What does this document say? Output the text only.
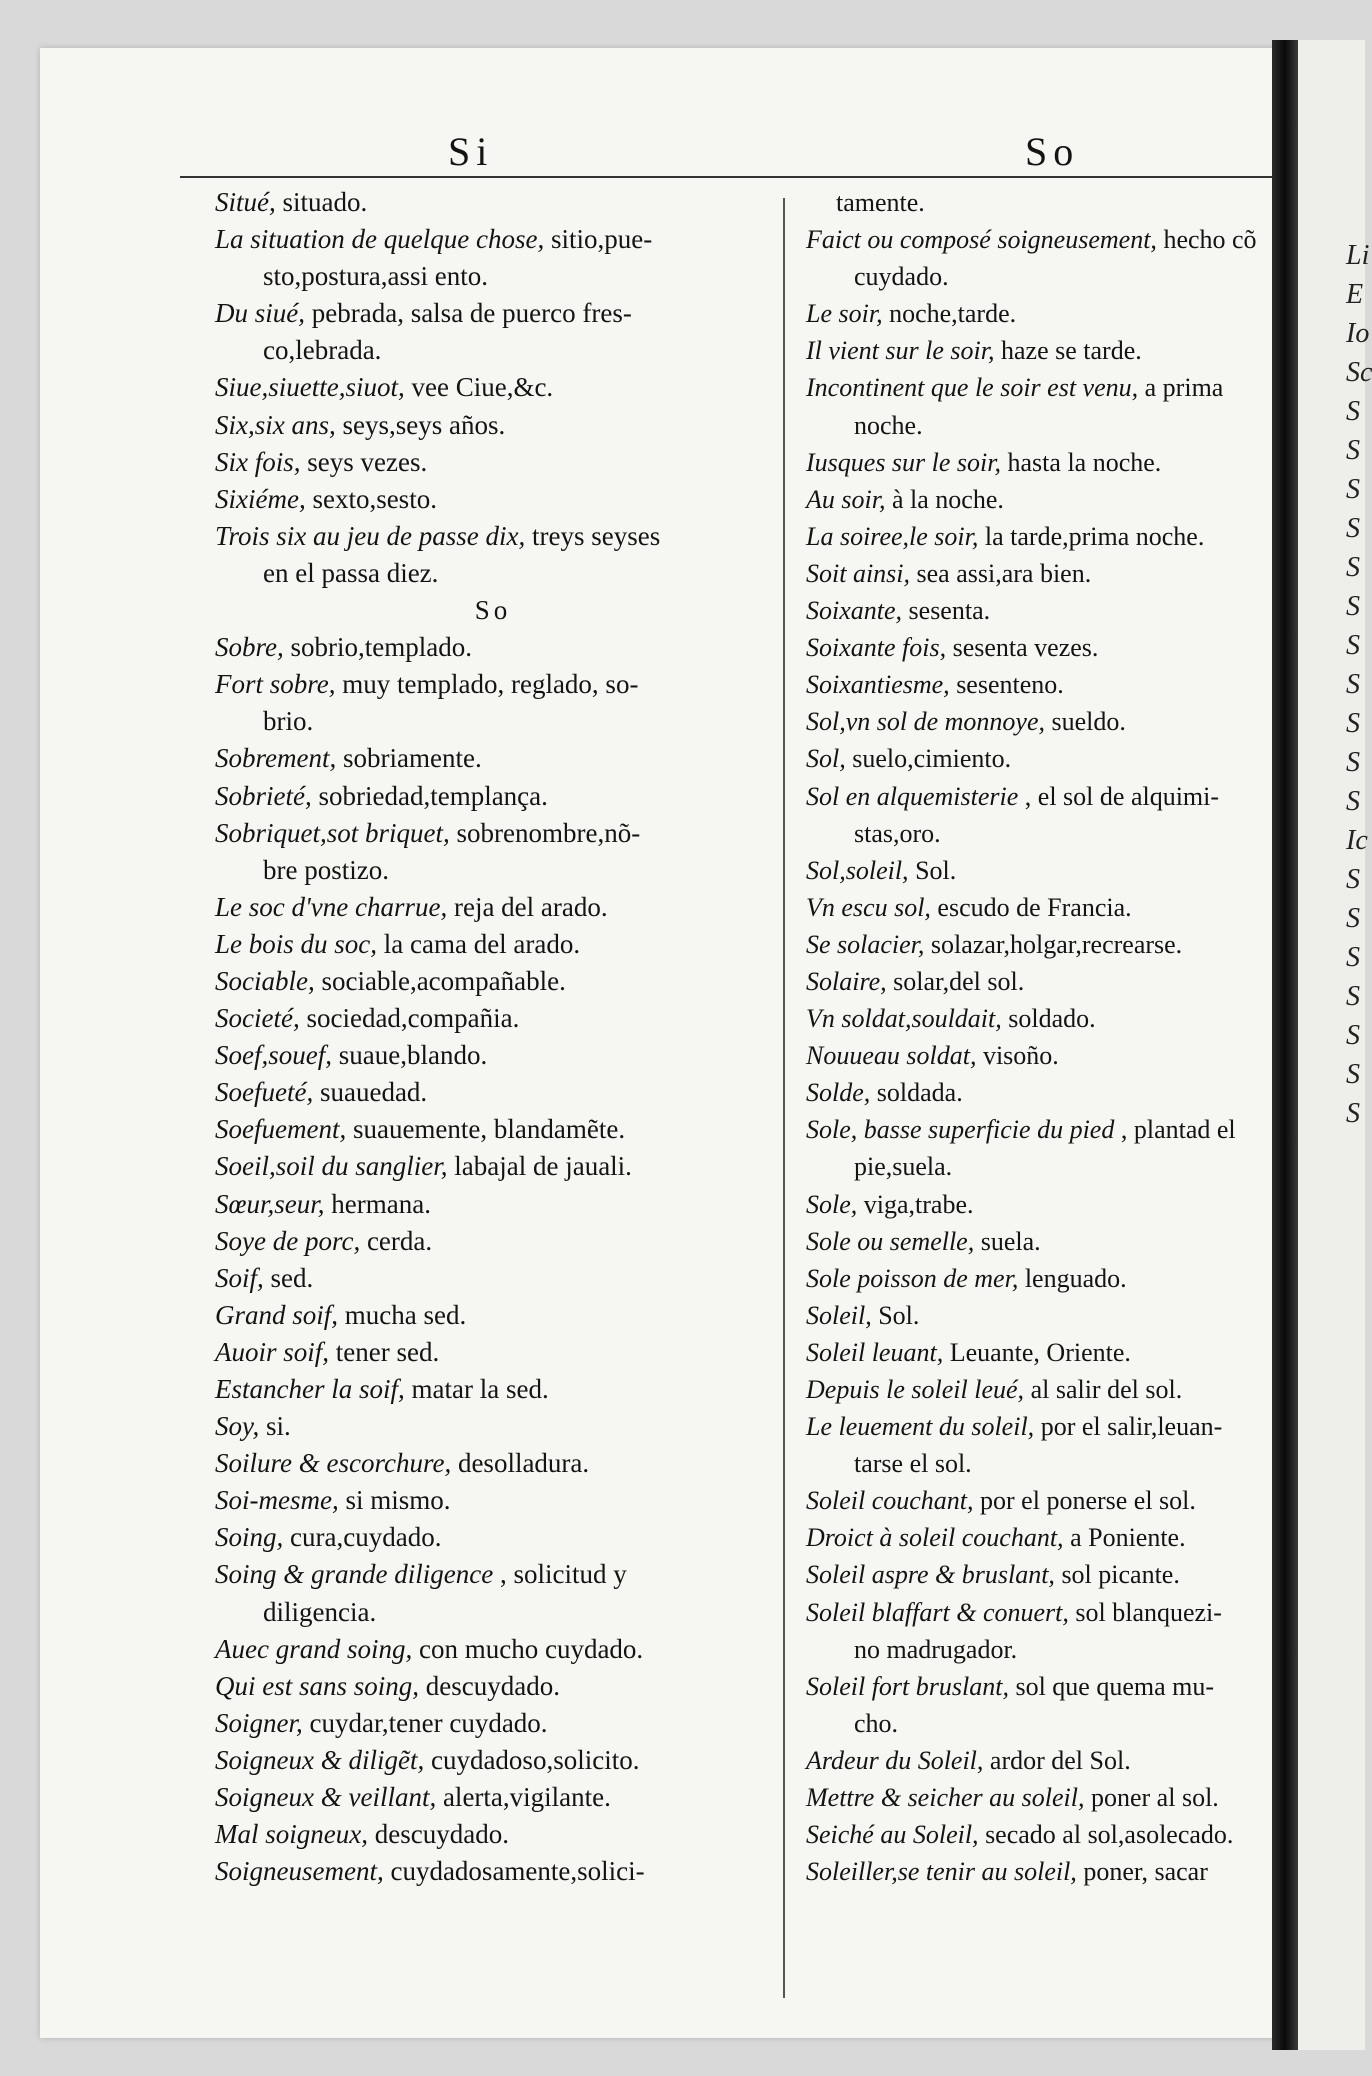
Si	So
Situé, situado.
La situation de quelque chose, sitio,pue-
sto,postura,assi ento.
Du siué, pebrada, salsa de puerco fres-
co,lebrada.
Siue,siuette,siuot, vee Ciue,&c.
Six,six ans, seys,seys años.
Six fois, seys vezes.
Sixiéme, sexto,sesto.
Trois six au jeu de passe dix, treys seyses
en el passa diez.
So
Sobre, sobrio,templado.
Fort sobre, muy templado, reglado, so-
brio.
Sobrement, sobriamente.
Sobrieté, sobriedad,templança.
Sobriquet,sot briquet, sobrenombre,nõ-
bre postizo.
Le soc d'vne charrue, reja del arado.
Le bois du soc, la cama del arado.
Sociable, sociable,acompañable.
Societé, sociedad,compañia.
Soef,souef, suaue,blando.
Soefueté, suauedad.
Soefuement, suauemente, blandamẽte.
Soeil,soil du sanglier, labajal de jauali.
Sœur,seur, hermana.
Soye de porc, cerda.
Soif, sed.
Grand soif, mucha sed.
Auoir soif, tener sed.
Estancher la soif, matar la sed.
Soy, si.
Soilure & escorchure, desolladura.
Soi-mesme, si mismo.
Soing, cura,cuydado.
Soing & grande diligence , solicitud y
diligencia.
Auec grand soing, con mucho cuydado.
Qui est sans soing, descuydado.
Soigner, cuydar,tener cuydado.
Soigneux & diligẽt, cuydadoso,solicito.
Soigneux & veillant, alerta,vigilante.
Mal soigneux, descuydado.
Soigneusement, cuydadosamente,solici-
tamente.
Faict ou composé soigneusement, hecho cõ
cuydado.
Le soir, noche,tarde.
Il vient sur le soir, haze se tarde.
Incontinent que le soir est venu, a prima
noche.
Iusques sur le soir, hasta la noche.
Au soir, à la noche.
La soiree,le soir, la tarde,prima noche.
Soit ainsi, sea assi,ara bien.
Soixante, sesenta.
Soixante fois, sesenta vezes.
Soixantiesme, sesenteno.
Sol,vn sol de monnoye, sueldo.
Sol, suelo,cimiento.
Sol en alquemisterie , el sol de alquimi-
stas,oro.
Sol,soleil, Sol.
Vn escu sol, escudo de Francia.
Se solacier, solazar,holgar,recrearse.
Solaire, solar,del sol.
Vn soldat,souldait, soldado.
Nouueau soldat, visoño.
Solde, soldada.
Sole, basse superficie du pied , plantad el
pie,suela.
Sole, viga,trabe.
Sole ou semelle, suela.
Sole poisson de mer, lenguado.
Soleil, Sol.
Soleil leuant, Leuante, Oriente.
Depuis le soleil leué, al salir del sol.
Le leuement du soleil, por el salir,leuan-
tarse el sol.
Soleil couchant, por el ponerse el sol.
Droict à soleil couchant, a Poniente.
Soleil aspre & bruslant, sol picante.
Soleil blaffart & conuert, sol blanquezi-
no madrugador.
Soleil fort bruslant, sol que quema mu-
cho.
Ardeur du Soleil, ardor del Sol.
Mettre & seicher au soleil, poner al sol.
Seiché au Soleil, secado al sol,asolecado.
Soleiller,se tenir au soleil, poner, sacar
Li
E
Io
Sc
S
S
S
S
S
S
S
S
S
S
S
Ic
S
S
S
S
S
S
S
